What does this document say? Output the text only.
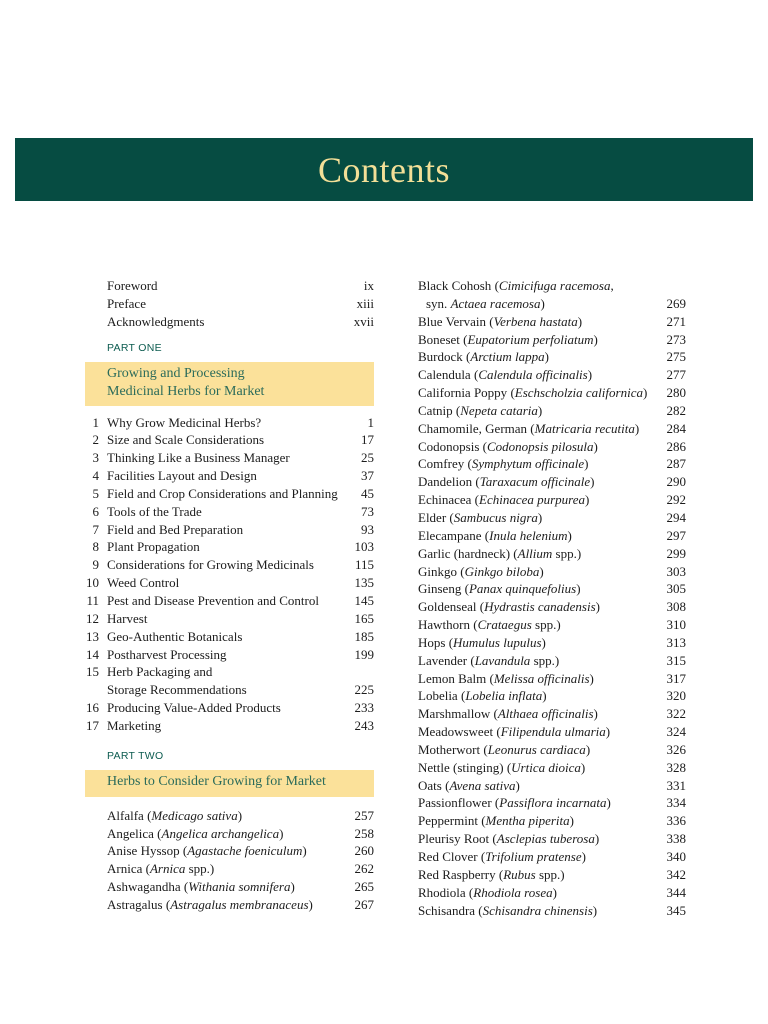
Contents
Foreword	ix
Preface	xiii
Acknowledgments	xvii
PART ONE
Growing and Processing
Medicinal Herbs for Market
1 Why Grow Medicinal Herbs?	1
2 Size and Scale Considerations	17
3 Thinking Like a Business Manager	25
4 Facilities Layout and Design	37
5 Field and Crop Considerations and Planning 45
6 Tools of the Trade	73
7 Field and Bed Preparation	93
8 Plant Propagation	103
9 Considerations for Growing Medicinals	115
10 Weed Control	135
11 Pest and Disease Prevention and Control	145
12 Harvest	165
13 Geo-Authentic Botanicals	185
14 Postharvest Processing	199
15 Herb Packaging and
Storage Recommendations	225
16 Producing Value-Added Products	233
17 Marketing	243
PART TWO
Herbs to Consider Growing for Market
Alfalfa (Medicago sativa)	257
Angelica (Angelica archangelica)	258
Anise Hyssop (Agastache foeniculum)	260
Arnica (Arnica spp.)	262
Ashwagandha (Withania somnifera)	265
Astragalus (Astragalus membranaceus)	267
Black Cohosh (Cimicifuga racemosa,
syn. Actaea racemosa)	269
Blue Vervain (Verbena hastata)	271
Boneset (Eupatorium perfoliatum)	273
Burdock (Arctium lappa)	275
Calendula (Calendula officinalis)	277
California Poppy (Eschscholzia californica) 280
Catnip (Nepeta cataria)	282
Chamomile, German (Matricaria recutita) 284
Codonopsis (Codonopsis pilosula)	286
Comfrey (Symphytum officinale)	287
Dandelion (Taraxacum officinale)	290
Echinacea (Echinacea purpurea)	292
Elder (Sambucus nigra)	294
Elecampane (Inula helenium)	297
Garlic (hardneck) (Allium spp.)	299
Ginkgo (Ginkgo biloba)	303
Ginseng (Panax quinquefolius)	305
Goldenseal (Hydrastis canadensis)	308
Hawthorn (Crataegus spp.)	310
Hops (Humulus lupulus)	313
Lavender (Lavandula spp.)	315
Lemon Balm (Melissa officinalis)	317
Lobelia (Lobelia inflata)	320
Marshmallow (Althaea officinalis)	322
Meadowsweet (Filipendula ulmaria)	324
Motherwort (Leonurus cardiaca)	326
Nettle (stinging) (Urtica dioica)	328
Oats (Avena sativa)	331
Passionflower (Passiflora incarnata)	334
Peppermint (Mentha piperita)	336
Pleurisy Root (Asclepias tuberosa)	338
Red Clover (Trifolium pratense)	340
Red Raspberry (Rubus spp.)	342
Rhodiola (Rhodiola rosea)	344
Schisandra (Schisandra chinensis)	345
